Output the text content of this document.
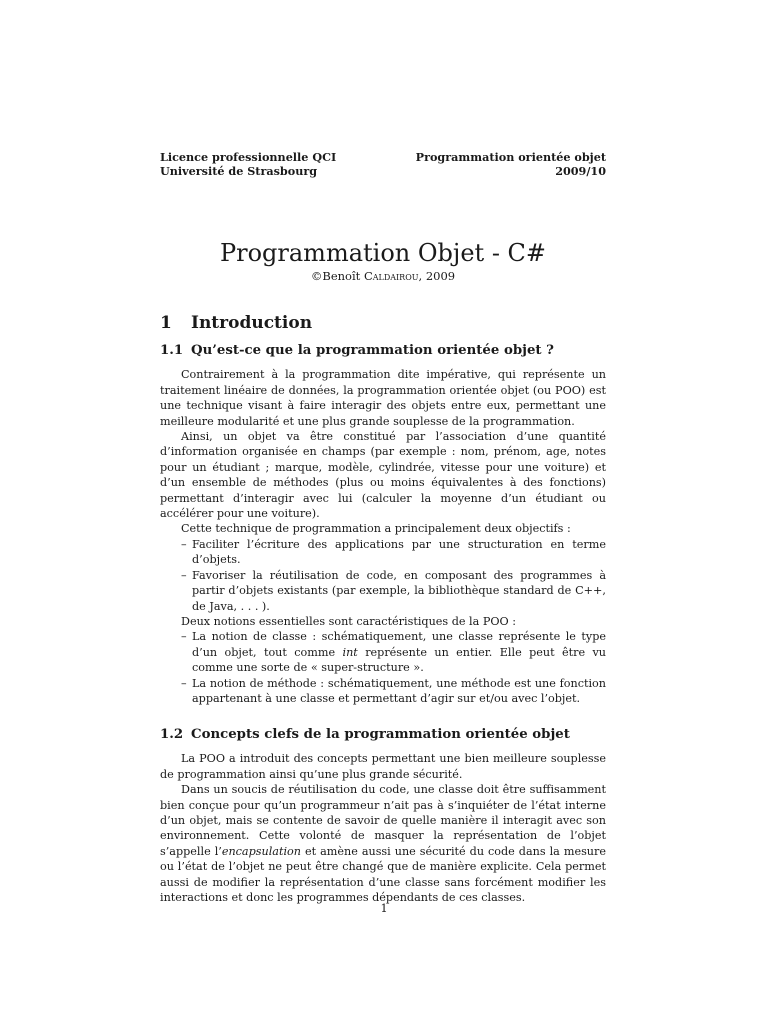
Licence professionnelle QCI
Université de Strasbourg
Programmation orientée objet
2009/10
Programmation Objet - C#
©Benoît Caldairou, 2009
1 Introduction
1.1 Qu’est-ce que la programmation orientée objet ?

Contrairement à la programmation dite impérative, qui représente un traitement linéaire de données, la programmation orientée objet (ou POO) est une technique visant à faire interagir des objets entre eux, permettant une meilleure modularité et une plus grande souplesse de la programmation.

Ainsi, un objet va être constitué par l’association d’une quantité d’information organisée en champs (par exemple : nom, prénom, age, notes pour un étudiant ; marque, modèle, cylindrée, vitesse pour une voiture) et d’un ensemble de méthodes (plus ou moins équivalentes à des fonctions) permettant d’interagir avec lui (calculer la moyenne d’un étudiant ou accélérer pour une voiture).

Cette technique de programmation a principalement deux objectifs :

– Faciliter l’écriture des applications par une structuration en terme d’objets.
– Favoriser la réutilisation de code, en composant des programmes à partir d’objets existants (par exemple, la bibliothèque standard de C++, de Java, . . . ).

Deux notions essentielles sont caractéristiques de la POO :

– La notion de classe : schématiquement, une classe représente le type d’un objet, tout comme int représente un entier. Elle peut être vu comme une sorte de « super-structure ».
– La notion de méthode : schématiquement, une méthode est une fonction appartenant à une classe et permettant d’agir sur et/ou avec l’objet.
1.2 Concepts clefs de la programmation orientée objet

La POO a introduit des concepts permettant une bien meilleure souplesse de programmation ainsi qu’une plus grande sécurité.

Dans un soucis de réutilisation du code, une classe doit être suffisamment bien conçue pour qu’un programmeur n’ait pas à s’inquiéter de l’état interne d’un objet, mais se contente de savoir de quelle manière il interagit avec son environnement. Cette volonté de masquer la représentation de l’objet s’appelle l’encapsulation et amène aussi une sécurité du code dans la mesure ou l’état de l’objet ne peut être changé que de manière explicite. Cela permet aussi de modifier la représentation d’une classe sans forcément modifier les interactions et donc les programmes dépendants de ces classes.

1
